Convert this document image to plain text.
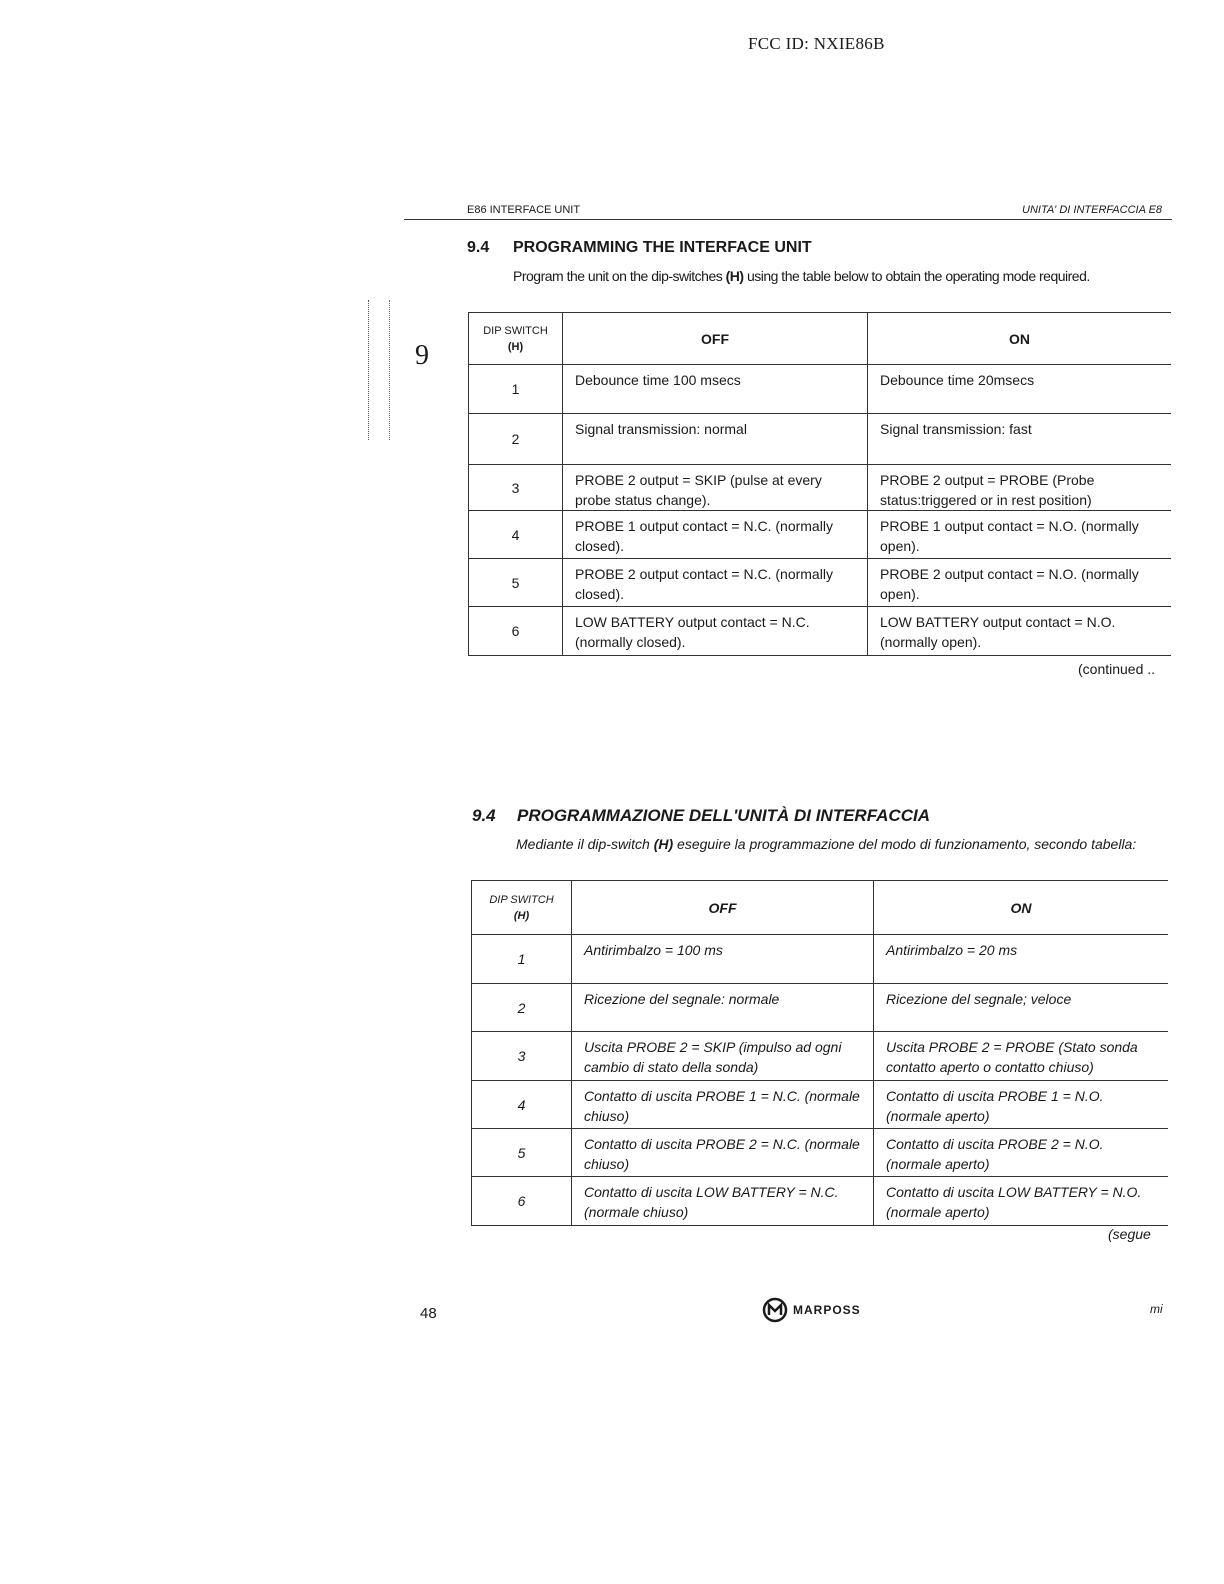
FCC ID: NXIE86B
E86 INTERFACE UNIT	UNITA' DI INTERFACCIA E8
9
9.4 PROGRAMMING THE INTERFACE UNIT
Program the unit on the dip-switches (H) using the table below to obtain the operating mode required.
DIP SWITCH
(H)	OFF	ON
1	Debounce time 100 msecs	Debounce time 20msecs
2	Signal transmission: normal	Signal transmission: fast
3	PROBE 2 output = SKIP (pulse at every probe status change).	PROBE 2 output = PROBE (Probe status:triggered or in rest position)
4	PROBE 1 output contact = N.C. (normally closed).	PROBE 1 output contact = N.O. (normally open).
5	PROBE 2 output contact = N.C. (normally closed).	PROBE 2 output contact = N.O. (normally open).
6	LOW BATTERY output contact = N.C. (normally closed).	LOW BATTERY output contact = N.O. (normally open).
(continued ..
9.4 PROGRAMMAZIONE DELL'UNITÀ DI INTERFACCIA
Mediante il dip-switch (H) eseguire la programmazione del modo di funzionamento, secondo tabella:
DIP SWITCH
(H)	OFF	ON
1	Antirimbalzo = 100 ms	Antirimbalzo = 20 ms
2	Ricezione del segnale: normale	Ricezione del segnale; veloce
3	Uscita PROBE 2 = SKIP (impulso ad ogni cambio di stato della sonda)	Uscita PROBE 2 = PROBE (Stato sonda contatto aperto o contatto chiuso)
4	Contatto di uscita PROBE 1 = N.C. (normale chiuso)	Contatto di uscita PROBE 1 = N.O. (normale aperto)
5	Contatto di uscita PROBE 2 = N.C. (normale chiuso)	Contatto di uscita PROBE 2 = N.O. (normale aperto)
6	Contatto di uscita LOW BATTERY = N.C. (normale chiuso)	Contatto di uscita LOW BATTERY = N.O. (normale aperto)
(segue
48	MARPOSS	mi
